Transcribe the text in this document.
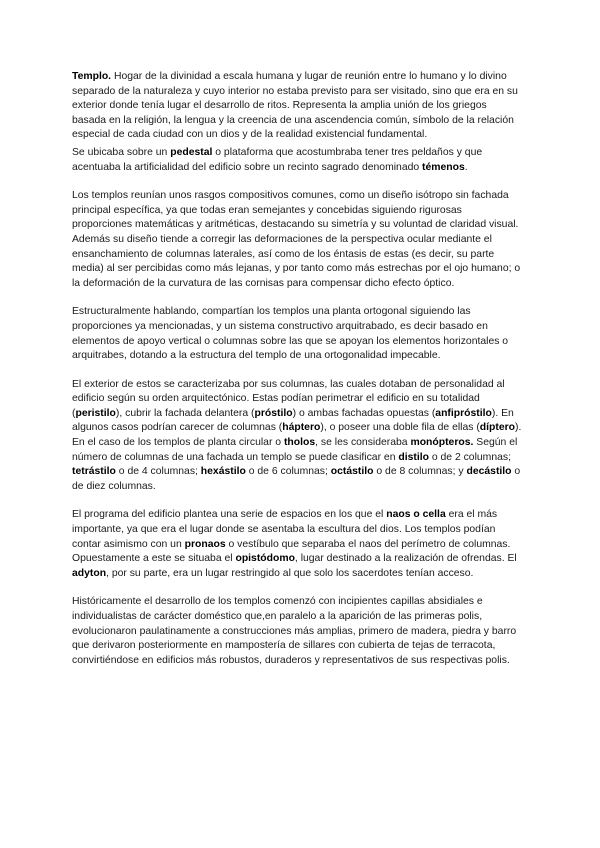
Templo. Hogar de la divinidad a escala humana y lugar de reunión entre lo humano y lo divino separado de la naturaleza y cuyo interior no estaba previsto para ser visitado, sino que era en su exterior donde tenía lugar el desarrollo de ritos. Representa la amplia unión de los griegos basada en la religión, la lengua y la creencia de una ascendencia común, símbolo de la relación especial de cada ciudad con un dios y de la realidad existencial fundamental.

Se ubicaba sobre un pedestal o plataforma que acostumbraba tener tres peldaños y que acentuaba la artificialidad del edificio sobre un recinto sagrado denominado témenos.

Los templos reunían unos rasgos compositivos comunes, como un diseño isótropo sin fachada principal específica, ya que todas eran semejantes y concebidas siguiendo rigurosas proporciones matemáticas y aritméticas, destacando su simetría y su voluntad de claridad visual. Además su diseño tiende a corregir las deformaciones de la perspectiva ocular mediante el ensanchamiento de columnas laterales, así como de los éntasis de estas (es decir, su parte media) al ser percibidas como más lejanas, y por tanto como más estrechas por el ojo humano; o la deformación de la curvatura de las cornisas para compensar dicho efecto óptico.

Estructuralmente hablando, compartían los templos una planta ortogonal siguiendo las proporciones ya mencionadas, y un sistema constructivo arquitrabado, es decir basado en elementos de apoyo vertical o columnas sobre las que se apoyan los elementos horizontales o arquitrabes, dotando a la estructura del templo de una ortogonalidad impecable.

El exterior de estos se caracterizaba por sus columnas, las cuales dotaban de personalidad al edificio según su orden arquitectónico. Estas podían perimetrar el edificio en su totalidad (peristilo), cubrir la fachada delantera (próstilo) o ambas fachadas opuestas (anfipróstilo). En algunos casos podrían carecer de columnas (háptero), o poseer una doble fila de ellas (díptero). En el caso de los templos de planta circular o tholos, se les consideraba monópteros. Según el número de columnas de una fachada un templo se puede clasificar en distilo o de 2 columnas; tetrástilo o de 4 columnas; hexástilo o de 6 columnas; octástilo o de 8 columnas; y decástilo o de diez columnas.

El programa del edificio plantea una serie de espacios en los que el naos o cella era el más importante, ya que era el lugar donde se asentaba la escultura del dios. Los templos podían contar asimismo con un pronaos o vestíbulo que separaba el naos del perímetro de columnas. Opuestamente a este se situaba el opistódomo, lugar destinado a la realización de ofrendas. El adyton, por su parte, era un lugar restringido al que solo los sacerdotes tenían acceso.

Históricamente el desarrollo de los templos comenzó con incipientes capillas absidiales e individualistas de carácter doméstico que,en paralelo a la aparición de las primeras polis, evolucionaron paulatinamente a construcciones más amplias, primero de madera, piedra y barro que derivaron posteriormente en mampostería de sillares con cubierta de tejas de terracota, convirtiéndose en edificios más robustos, duraderos y representativos de sus respectivas polis.
